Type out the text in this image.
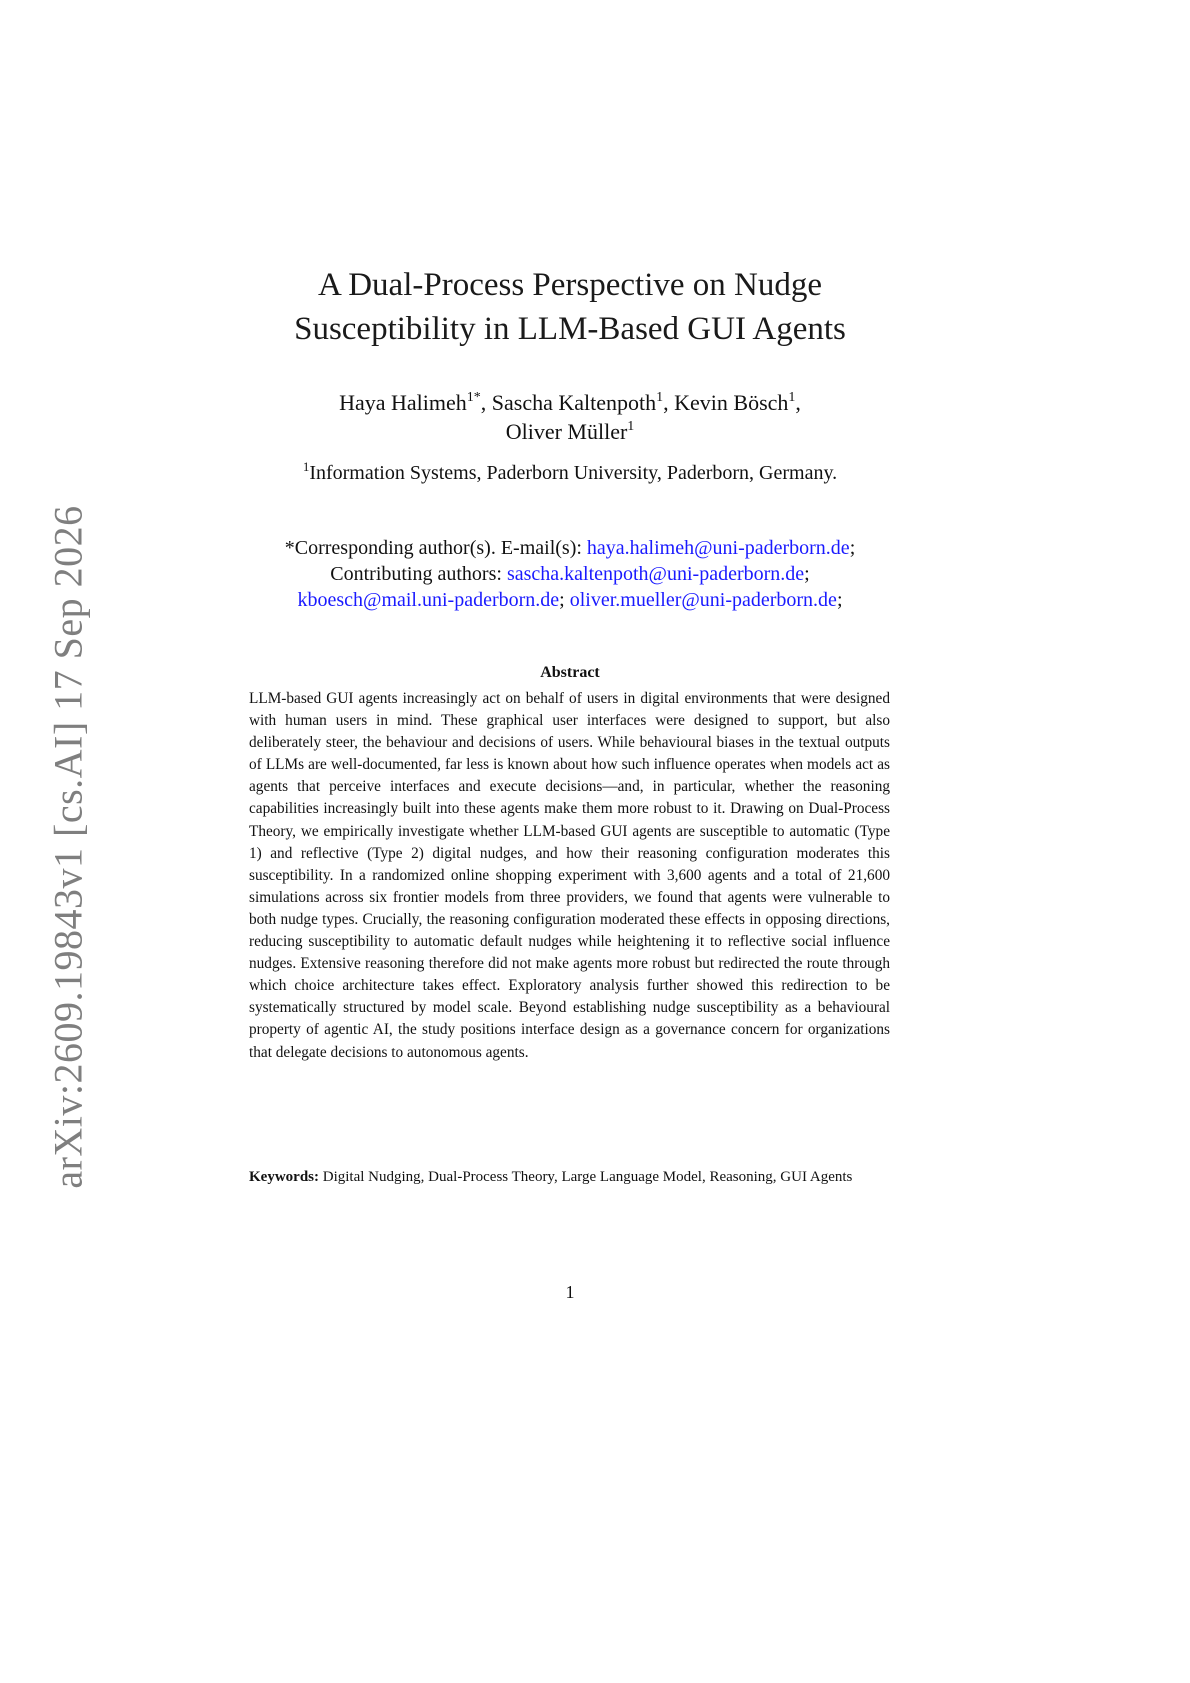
arXiv:2609.19843v1 [cs.AI] 17 Sep 2026
A Dual-Process Perspective on Nudge
Susceptibility in LLM-Based GUI Agents
Haya Halimeh$^{1*}$, Sascha Kaltenpoth$^1$, Kevin Bösch$^1$,
Oliver Müller$^1$
$^1$Information Systems, Paderborn University, Paderborn, Germany.
*Corresponding author(s). E-mail(s): haya.halimeh@uni-paderborn.de;
Contributing authors: sascha.kaltenpoth@uni-paderborn.de;
kboesch@mail.uni-paderborn.de; oliver.mueller@uni-paderborn.de;
Abstract
LLM-based GUI agents increasingly act on behalf of users in digital environments that were designed with human users in mind. These graphical user interfaces were designed to support, but also deliberately steer, the behaviour and decisions of users. While behavioural biases in the textual outputs of LLMs are well-documented, far less is known about how such influence operates when models act as agents that perceive interfaces and execute decisions—and, in particular, whether the reasoning capabilities increasingly built into these agents make them more robust to it. Drawing on Dual-Process Theory, we empirically investigate whether LLM-based GUI agents are susceptible to automatic (Type 1) and reflective (Type 2) digital nudges, and how their reasoning configuration moderates this susceptibility. In a randomized online shopping experiment with 3,600 agents and a total of 21,600 simulations across six frontier models from three providers, we found that agents were vulnerable to both nudge types. Crucially, the reasoning configuration moderated these effects in opposing directions, reducing susceptibility to automatic default nudges while heightening it to reflective social influence nudges. Extensive reasoning therefore did not make agents more robust but redirected the route through which choice architecture takes effect. Exploratory analysis further showed this redirection to be systematically structured by model scale. Beyond establishing nudge susceptibility as a behavioural property of agentic AI, the study positions interface design as a governance concern for organizations that delegate decisions to autonomous agents.
Keywords: Digital Nudging, Dual-Process Theory, Large Language Model, Reasoning, GUI Agents
1
